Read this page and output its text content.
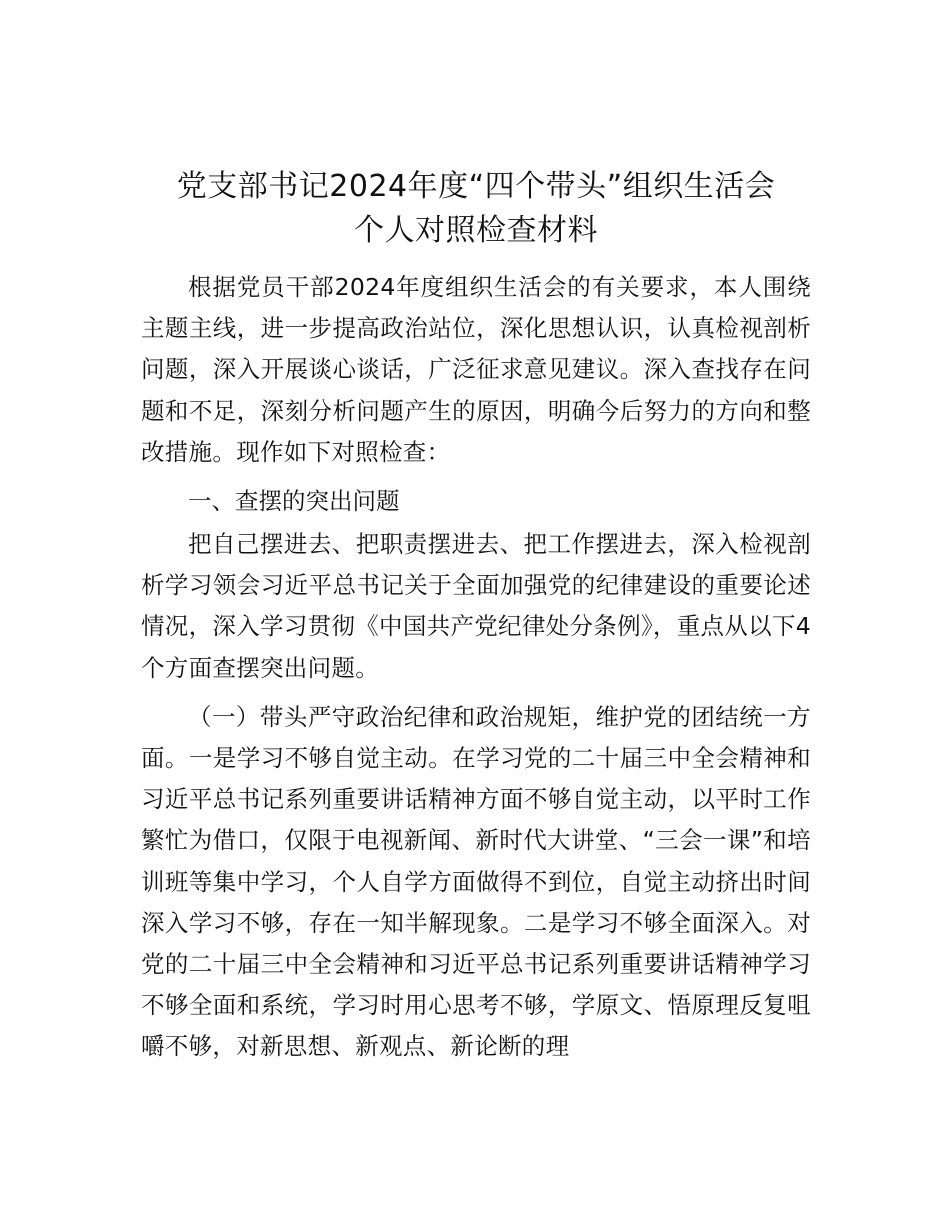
党支部书记2024年度“四个带头”组织生活会
个人对照检查材料

根据党员干部2024年度组织生活会的有关要求，本人围绕主题主线，进一步提高政治站位，深化思想认识，认真检视剖析问题，深入开展谈心谈话，广泛征求意见建议。深入查找存在问题和不足，深刻分析问题产生的原因，明确今后努力的方向和整改措施。现作如下对照检查：

一、查摆的突出问题

把自己摆进去、把职责摆进去、把工作摆进去，深入检视剖析学习领会习近平总书记关于全面加强党的纪律建设的重要论述情况，深入学习贯彻《中国共产党纪律处分条例》，重点从以下4个方面查摆突出问题。

（一）带头严守政治纪律和政治规矩，维护党的团结统一方面。一是学习不够自觉主动。在学习党的二十届三中全会精神和习近平总书记系列重要讲话精神方面不够自觉主动，以平时工作繁忙为借口，仅限于电视新闻、新时代大讲堂、“三会一课”和培训班等集中学习，个人自学方面做得不到位，自觉主动挤出时间深入学习不够，存在一知半解现象。二是学习不够全面深入。对党的二十届三中全会精神和习近平总书记系列重要讲话精神学习不够全面和系统，学习时用心思考不够，学原文、悟原理反复咀嚼不够，对新思想、新观点、新论断的理
